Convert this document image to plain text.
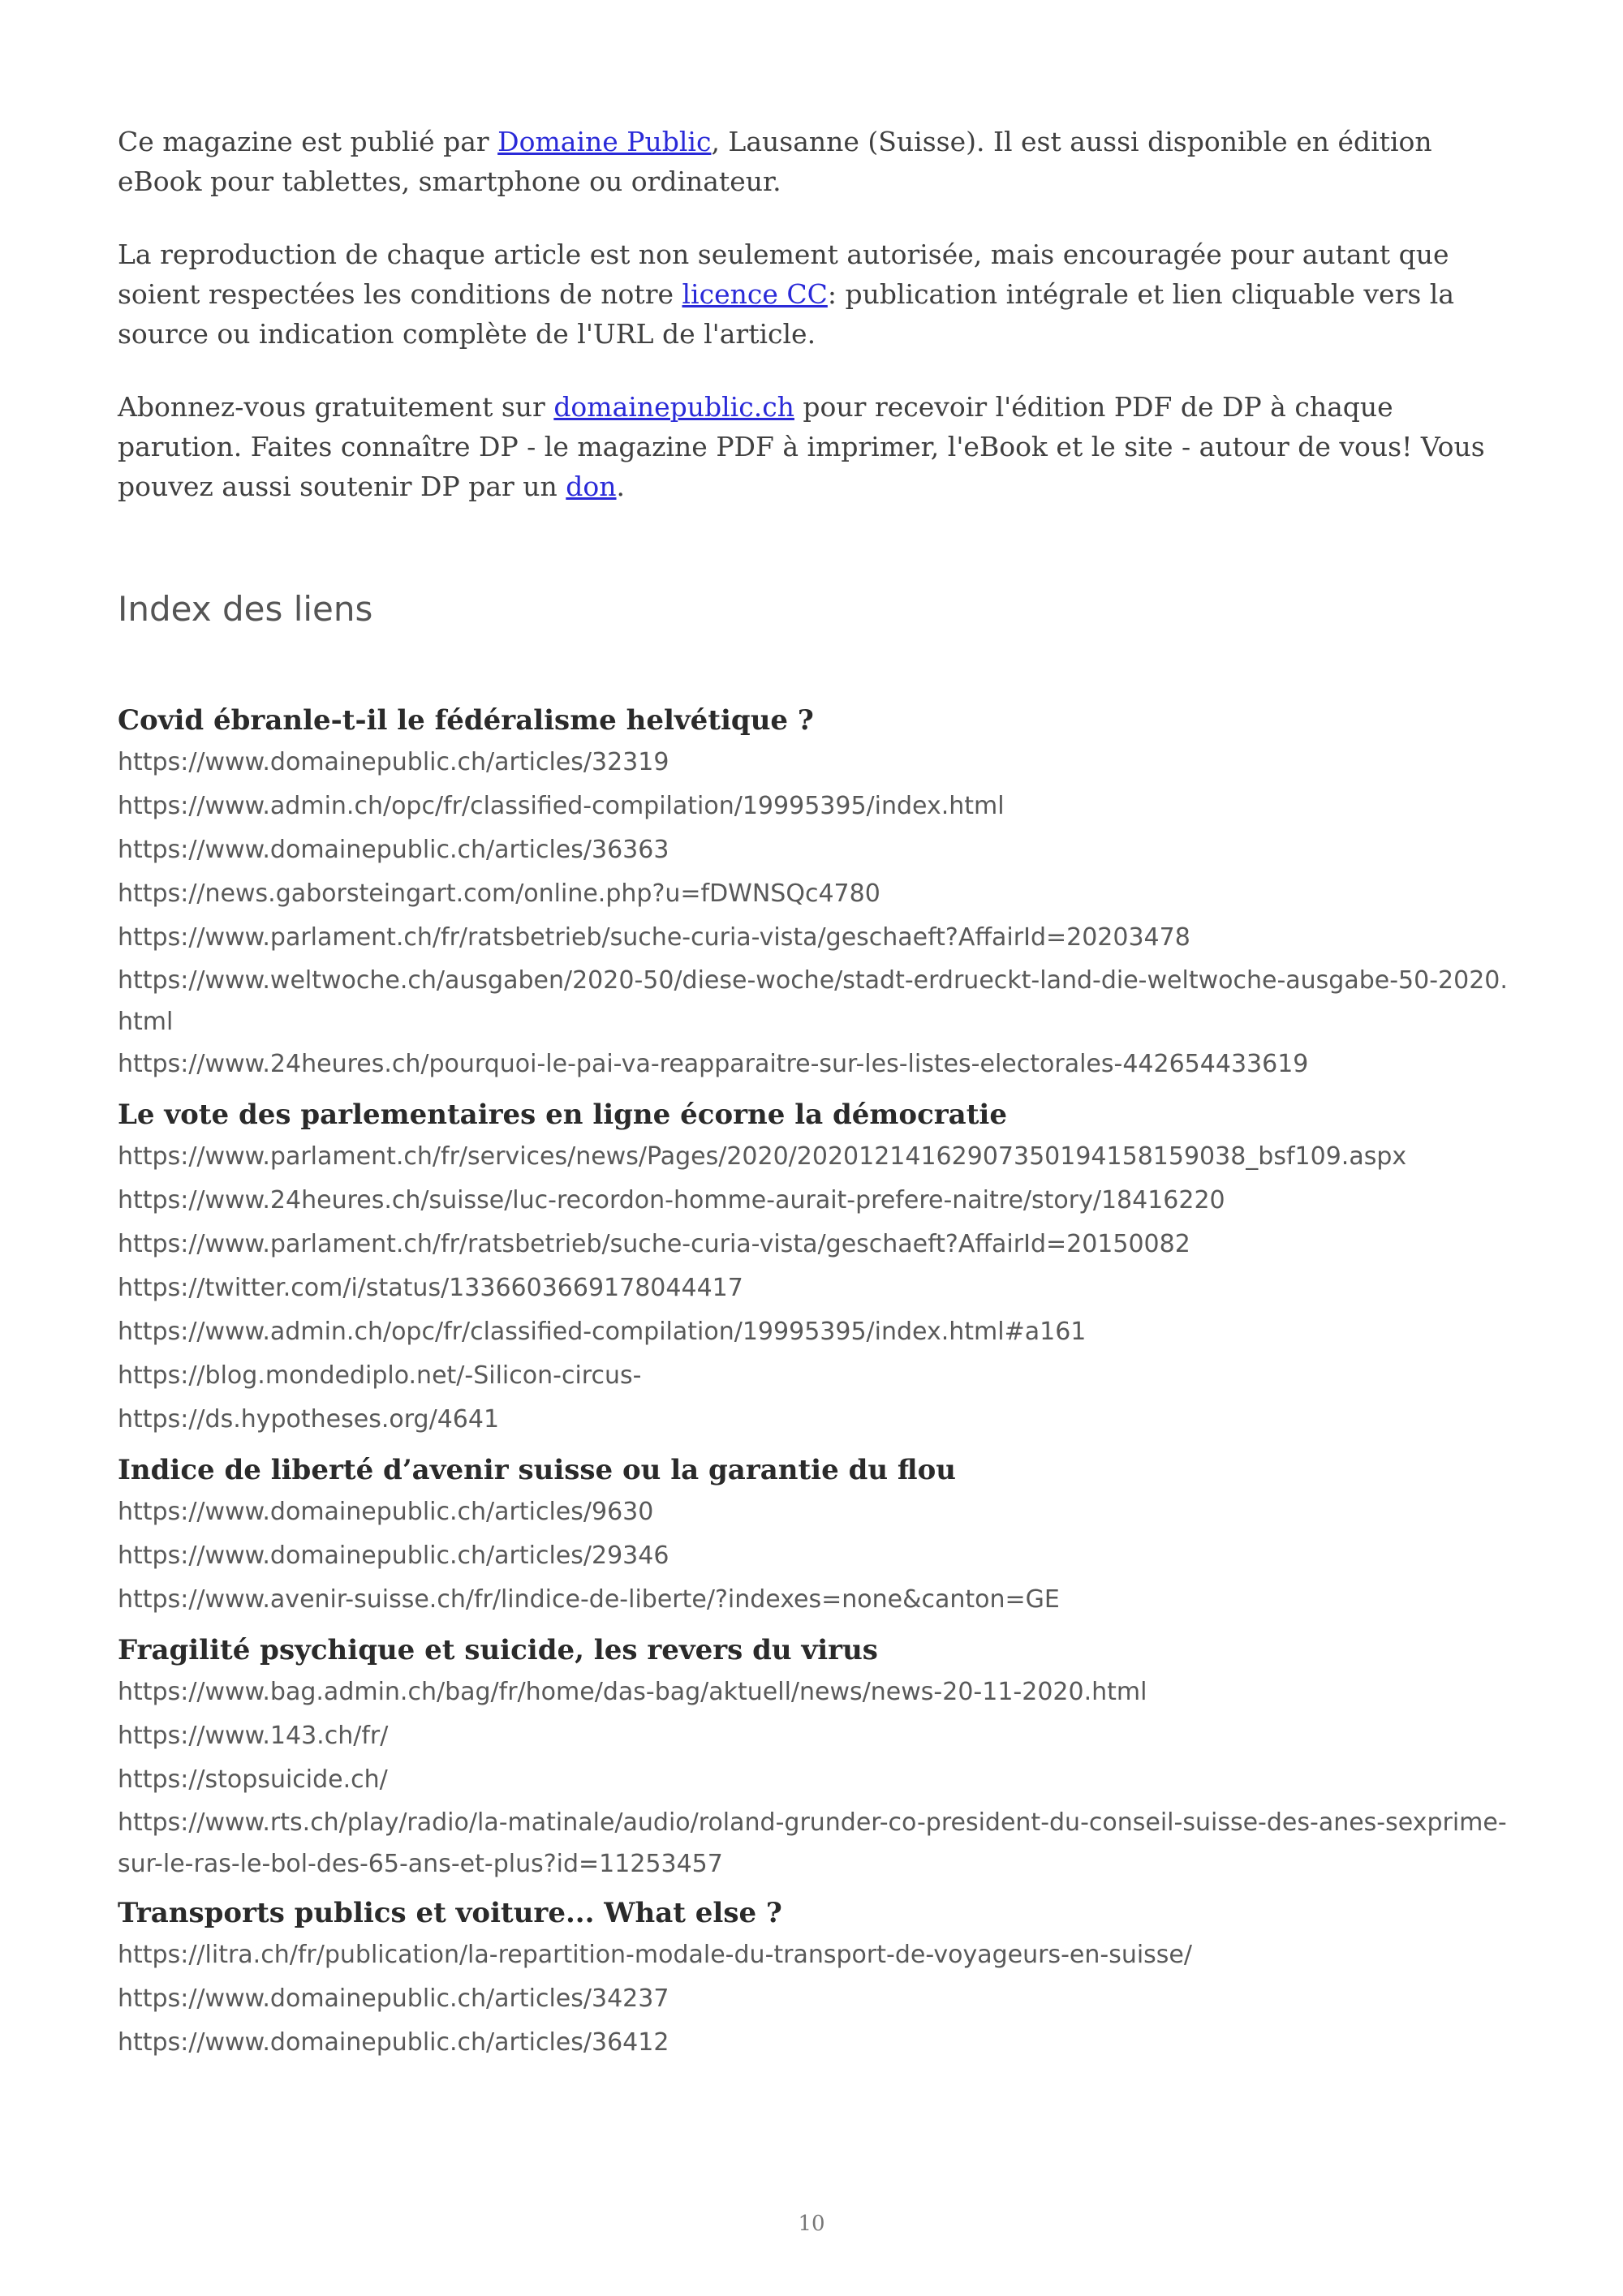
Ce magazine est publié par Domaine Public, Lausanne (Suisse). Il est aussi disponible en édition eBook pour tablettes, smartphone ou ordinateur.

La reproduction de chaque article est non seulement autorisée, mais encouragée pour autant que soient respectées les conditions de notre licence CC: publication intégrale et lien cliquable vers la source ou indication complète de l'URL de l'article.

Abonnez-vous gratuitement sur domainepublic.ch pour recevoir l'édition PDF de DP à chaque parution. Faites connaître DP - le magazine PDF à imprimer, l'eBook et le site - autour de vous! Vous pouvez aussi soutenir DP par un don.

Index des liens

Covid ébranle-t-il le fédéralisme helvétique ?

https://www.domainepublic.ch/articles/32319

https://www.admin.ch/opc/fr/classified-compilation/19995395/index.html

https://www.domainepublic.ch/articles/36363

https://news.gaborsteingart.com/online.php?u=fDWNSQc4780

https://www.parlament.ch/fr/ratsbetrieb/suche-curia-vista/geschaeft?AffairId=20203478

https://www.weltwoche.ch/ausgaben/2020-50/diese-woche/stadt-erdrueckt-land-die-weltwoche-ausgabe-50-2020.html

https://www.24heures.ch/pourquoi-le-pai-va-reapparaitre-sur-les-listes-electorales-442654433619

Le vote des parlementaires en ligne écorne la démocratie

https://www.parlament.ch/fr/services/news/Pages/2020/20201214162907350194158159038_bsf109.aspx

https://www.24heures.ch/suisse/luc-recordon-homme-aurait-prefere-naitre/story/18416220

https://www.parlament.ch/fr/ratsbetrieb/suche-curia-vista/geschaeft?AffairId=20150082

https://twitter.com/i/status/1336603669178044417

https://www.admin.ch/opc/fr/classified-compilation/19995395/index.html#a161

https://blog.mondediplo.net/-Silicon-circus-

https://ds.hypotheses.org/4641

Indice de liberté d’avenir suisse ou la garantie du flou

https://www.domainepublic.ch/articles/9630

https://www.domainepublic.ch/articles/29346

https://www.avenir-suisse.ch/fr/lindice-de-liberte/?indexes=none&canton=GE

Fragilité psychique et suicide, les revers du virus

https://www.bag.admin.ch/bag/fr/home/das-bag/aktuell/news/news-20-11-2020.html

https://www.143.ch/fr/

https://stopsuicide.ch/

https://www.rts.ch/play/radio/la-matinale/audio/roland-grunder-co-president-du-conseil-suisse-des-anes-sexprime-sur-le-ras-le-bol-des-65-ans-et-plus?id=11253457

Transports publics et voiture... What else ?

https://litra.ch/fr/publication/la-repartition-modale-du-transport-de-voyageurs-en-suisse/

https://www.domainepublic.ch/articles/34237

https://www.domainepublic.ch/articles/36412

10
